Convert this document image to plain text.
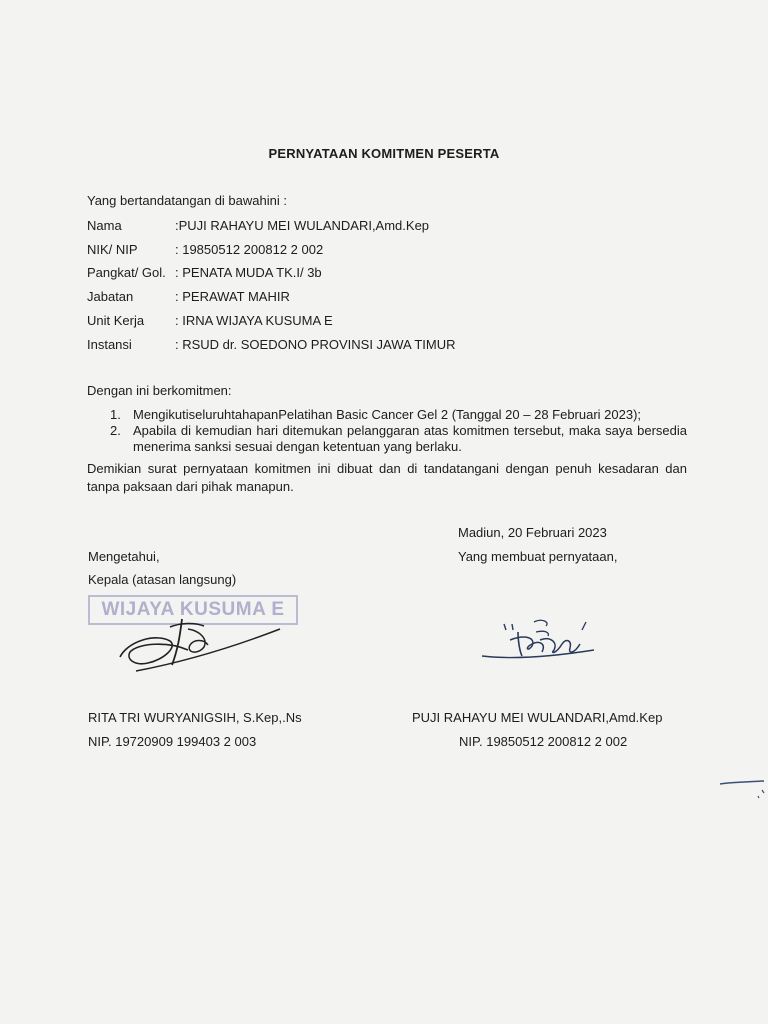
PERNYATAAN KOMITMEN PESERTA
Yang bertandatangan di bawahini :
Nama	:PUJI RAHAYU MEI WULANDARI,Amd.Kep
NIK/ NIP	: 19850512 200812 2 002
Pangkat/ Gol. : PENATA MUDA TK.I/ 3b
Jabatan	: PERAWAT MAHIR
Unit Kerja : IRNA WIJAYA KUSUMA E
Instansi	: RSUD dr. SOEDONO PROVINSI JAWA TIMUR
Dengan ini berkomitmen:
1. MengikutiseluruhtahapanPelatihan Basic Cancer Gel 2 (Tanggal 20 – 28 Februari 2023);
2. Apabila di kemudian hari ditemukan pelanggaran atas komitmen tersebut, maka saya bersedia menerima sanksi sesuai dengan ketentuan yang berlaku.
Demikian surat pernyataan komitmen ini dibuat dan di tandatangani dengan penuh kesadaran dan tanpa paksaan dari pihak manapun.
Madiun, 20 Februari 2023
Yang membuat pernyataan,
Mengetahui,
Kepala (atasan langsung)
WIJAYA KUSUMA E
RITA TRI WURYANIGSIH, S.Kep,.Ns
NIP. 19720909 199403 2 003
PUJI RAHAYU MEI WULANDARI,Amd.Kep
NIP. 19850512 200812 2 002
